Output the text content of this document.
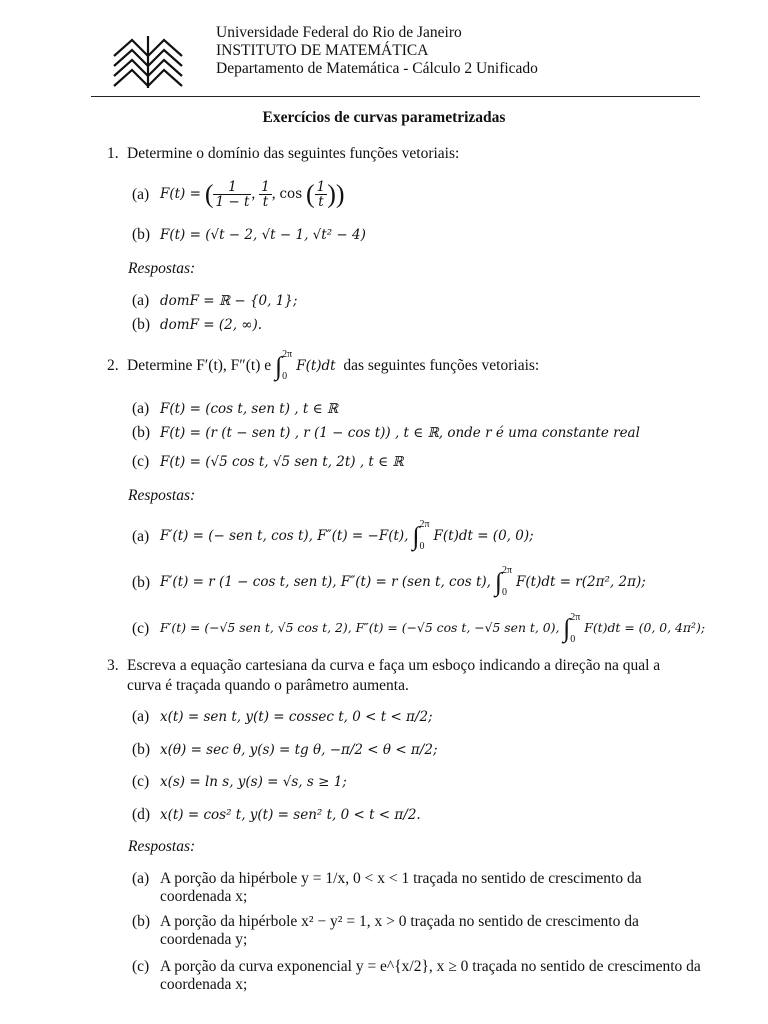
Universidade Federal do Rio de Janeiro
INSTITUTO DE MATEMÁTICA
Departamento de Matemática - Cálculo 2 Unificado
Exercícios de curvas parametrizadas
1. Determine o domínio das seguintes funções vetoriais:
(a) F(t) = ( $\frac{1}{1 - t}$ , $\frac{1}{t}$ , cos ( $\frac{1}{t}$ ))
(b) F(t) = (√t − 2, √t − 1, √t² − 4)
Respostas:
(a) domF = ℝ − {0, 1};
(b) domF = (2, ∞).
2. Determine F′(t), F″(t) e ∫ 2π
0
F(t)dt das seguintes funções vetoriais:
(a) F(t) = (cos t, sen t) , t ∈ ℝ
(b) F(t) = (r (t − sen t) , r (1 − cos t)) , t ∈ ℝ, onde r é uma constante real
(c) F(t) = (√5 cos t, √5 sen t, 2t) , t ∈ ℝ
Respostas:
(a) F′(t) = (− sen t, cos t), F″(t) = −F(t), ∫ 2π
0
F(t)dt = (0, 0);
(b) F′(t) = r (1 − cos t, sen t), F″(t) = r (sen t, cos t), ∫ 2π
0
F(t)dt = r(2π², 2π);
(c) F′(t) = (−√5 sen t, √5 cos t, 2), F″(t) = (−√5 cos t, −√5 sen t, 0), ∫ 2π
0
F(t)dt = (0, 0, 4π²);
3. Escreva a equação cartesiana da curva e faça um esboço indicando a direção na qual a
curva é traçada quando o parâmetro aumenta.
(a) x(t) = sen t, y(t) = cossec t, 0 < t < π/2;
(b) x(θ) = sec θ, y(s) = tg θ, −π/2 < θ < π/2;
(c) x(s) = ln s, y(s) = √s, s ≥ 1;
(d) x(t) = cos² t, y(t) = sen² t, 0 < t < π/2.
Respostas:
(a) A porção da hipérbole y = 1/x, 0 < x < 1 traçada no sentido de crescimento da
coordenada x;
(b) A porção da hipérbole x² − y² = 1, x > 0 traçada no sentido de crescimento da
coordenada y;
(c) A porção da curva exponencial y = e^{x/2}, x ≥ 0 traçada no sentido de crescimento da
coordenada x;
